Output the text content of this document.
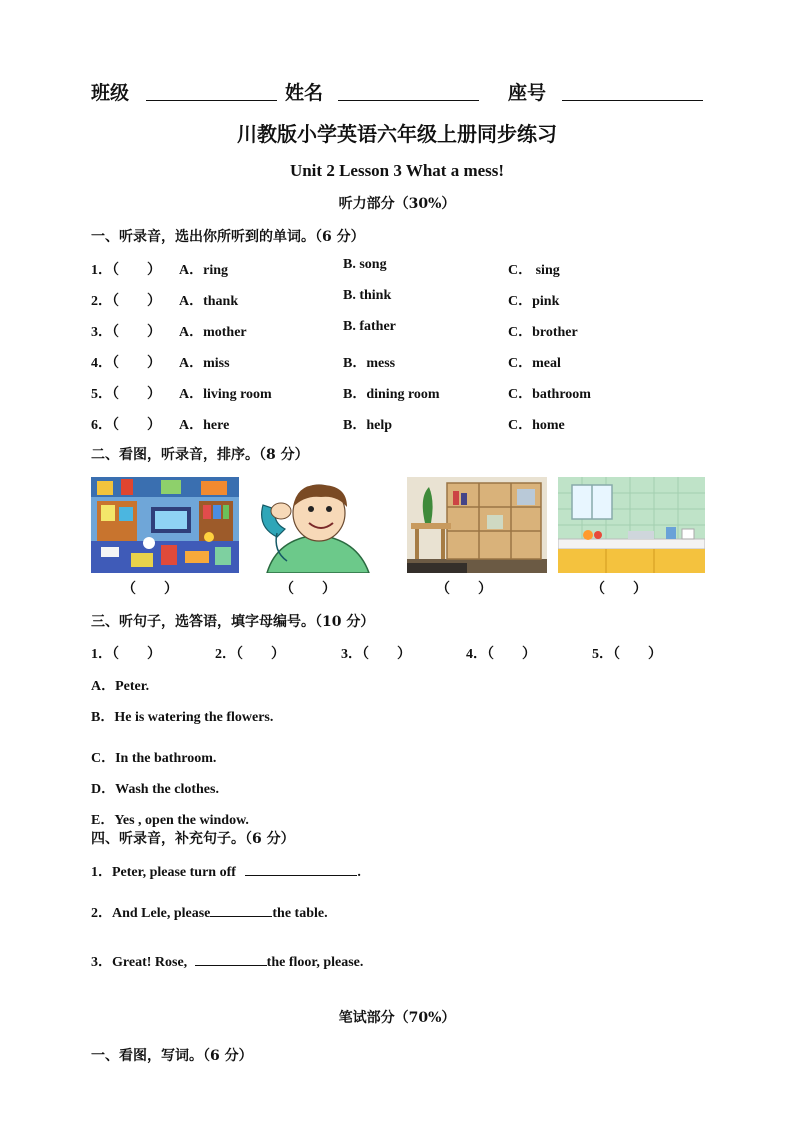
班级	姓名	座号
川教版小学英语六年级上册同步练习
Unit 2 Lesson 3 What a mess!
听力部分（30%）
一、听录音，选出你所听到的单词。（6 分）
1．（　　） A．ring	B. song	C． sing
2．（　　） A．thank	B. think	C．pink
3．（　　） A．mother	B. father	C．brother
4．（　　） A．miss	B．mess	C．meal
5．（　　） A．living room	B．dining room	C．bathroom
6．（　　） A．here	B．help	C．home
二、看图，听录音，排序。（8 分）
（　　）	（　　）	（　　）	（　　）
三、听句子，选答语，填字母编号。（10 分）
1．（　　）	2．（　　）	3．（　　）	4．（　　）	5．（　　）
A．Peter.
B．He is watering the flowers.
C．In the bathroom.
D．Wash the clothes.
E．Yes , open the window.
四、听录音，补充句子。（6 分）
1．Peter, please turn off	.
2．And Lele, please	the table.
3．Great! Rose,	the floor, please.
笔试部分（70%）
一、看图，写词。（6 分）
